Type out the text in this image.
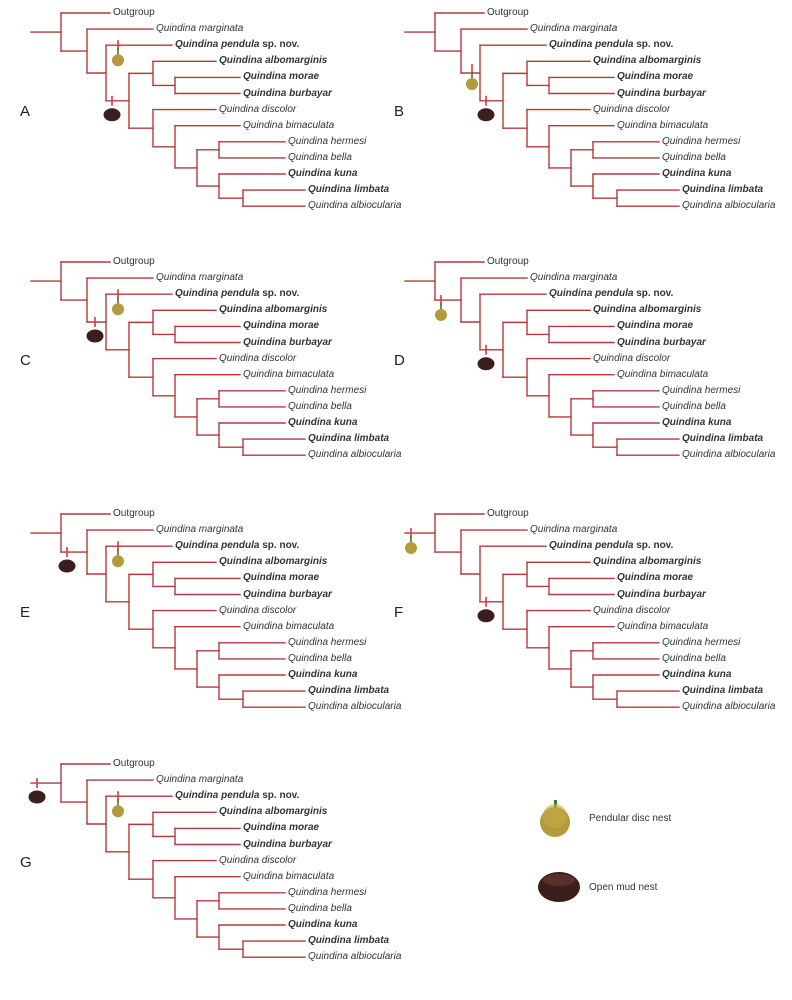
Outgroup
Quindina marginata
Quindina pendula sp. nov.
Quindina albomarginis
Quindina morae
Quindina burbayar
Quindina discolor
Quindina bimaculata
Quindina hermesi
Quindina bella
Quindina kuna
Quindina limbata
Quindina albiocularia
A
Outgroup
Quindina marginata
Quindina pendula sp. nov.
Quindina albomarginis
Quindina morae
Quindina burbayar
Quindina discolor
Quindina bimaculata
Quindina hermesi
Quindina bella
Quindina kuna
Quindina limbata
Quindina albiocularia
B
Outgroup
Quindina marginata
Quindina pendula sp. nov.
Quindina albomarginis
Quindina morae
Quindina burbayar
Quindina discolor
Quindina bimaculata
Quindina hermesi
Quindina bella
Quindina kuna
Quindina limbata
Quindina albiocularia
C
Outgroup
Quindina marginata
Quindina pendula sp. nov.
Quindina albomarginis
Quindina morae
Quindina burbayar
Quindina discolor
Quindina bimaculata
Quindina hermesi
Quindina bella
Quindina kuna
Quindina limbata
Quindina albiocularia
D
Outgroup
Quindina marginata
Quindina pendula sp. nov.
Quindina albomarginis
Quindina morae
Quindina burbayar
Quindina discolor
Quindina bimaculata
Quindina hermesi
Quindina bella
Quindina kuna
Quindina limbata
Quindina albiocularia
E
Outgroup
Quindina marginata
Quindina pendula sp. nov.
Quindina albomarginis
Quindina morae
Quindina burbayar
Quindina discolor
Quindina bimaculata
Quindina hermesi
Quindina bella
Quindina kuna
Quindina limbata
Quindina albiocularia
F
Outgroup
Quindina marginata
Quindina pendula sp. nov.
Quindina albomarginis
Quindina morae
Quindina burbayar
Quindina discolor
Quindina bimaculata
Quindina hermesi
Quindina bella
Quindina kuna
Quindina limbata
Quindina albiocularia
G
Pendular disc nest
Open mud nest
